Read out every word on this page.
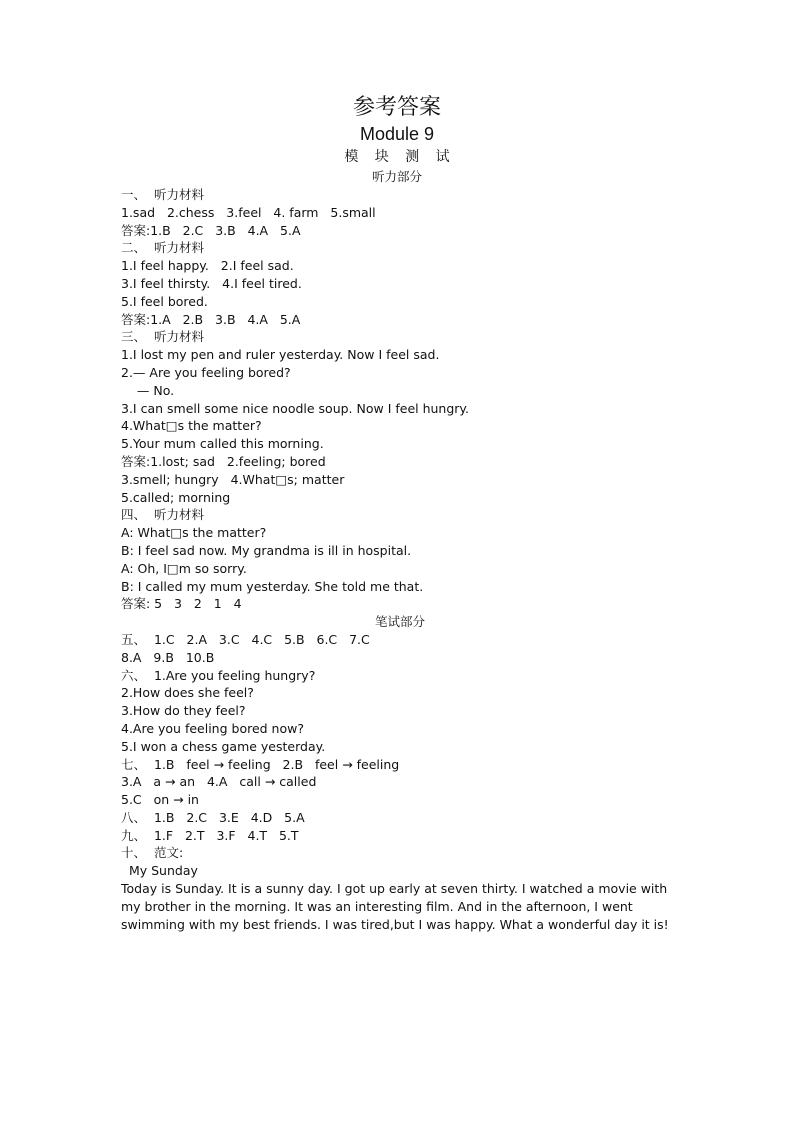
参考答案
Module 9
模 块 测 试
听力部分
一、  听力材料
1.sad   2.chess   3.feel   4. farm   5.small
答案:1.B   2.C   3.B   4.A   5.A
二、  听力材料
1.I feel happy.   2.I feel sad.
3.I feel thirsty.   4.I feel tired.
5.I feel bored.
答案:1.A   2.B   3.B   4.A   5.A
三、  听力材料
1.I lost my pen and ruler yesterday. Now I feel sad.
2.— Are you feeling bored?
— No.
3.I can smell some nice noodle soup. Now I feel hungry.
4.What□s the matter?
5.Your mum called this morning.
答案:1.lost; sad   2.feeling; bored
3.smell; hungry   4.What□s; matter
5.called; morning
四、  听力材料
A: What□s the matter?
B: I feel sad now. My grandma is ill in hospital.
A: Oh, I□m so sorry.
B: I called my mum yesterday. She told me that.
答案: 5   3   2   1   4
笔试部分
五、  1.C   2.A   3.C   4.C   5.B   6.C   7.C
8.A   9.B   10.B
六、  1.Are you feeling hungry?
2.How does she feel?
3.How do they feel?
4.Are you feeling bored now?
5.I won a chess game yesterday.
七、  1.B   feel → feeling   2.B   feel → feeling
3.A   a → an   4.A   call → called
5.C   on → in
八、  1.B   2.C   3.E   4.D   5.A
九、  1.F   2.T   3.F   4.T   5.T
十、  范文:
My Sunday
Today is Sunday. It is a sunny day. I got up early at seven thirty. I watched a movie with my brother in the morning. It was an interesting film. And in the afternoon, I went swimming with my best friends. I was tired,but I was happy. What a wonderful day it is!
